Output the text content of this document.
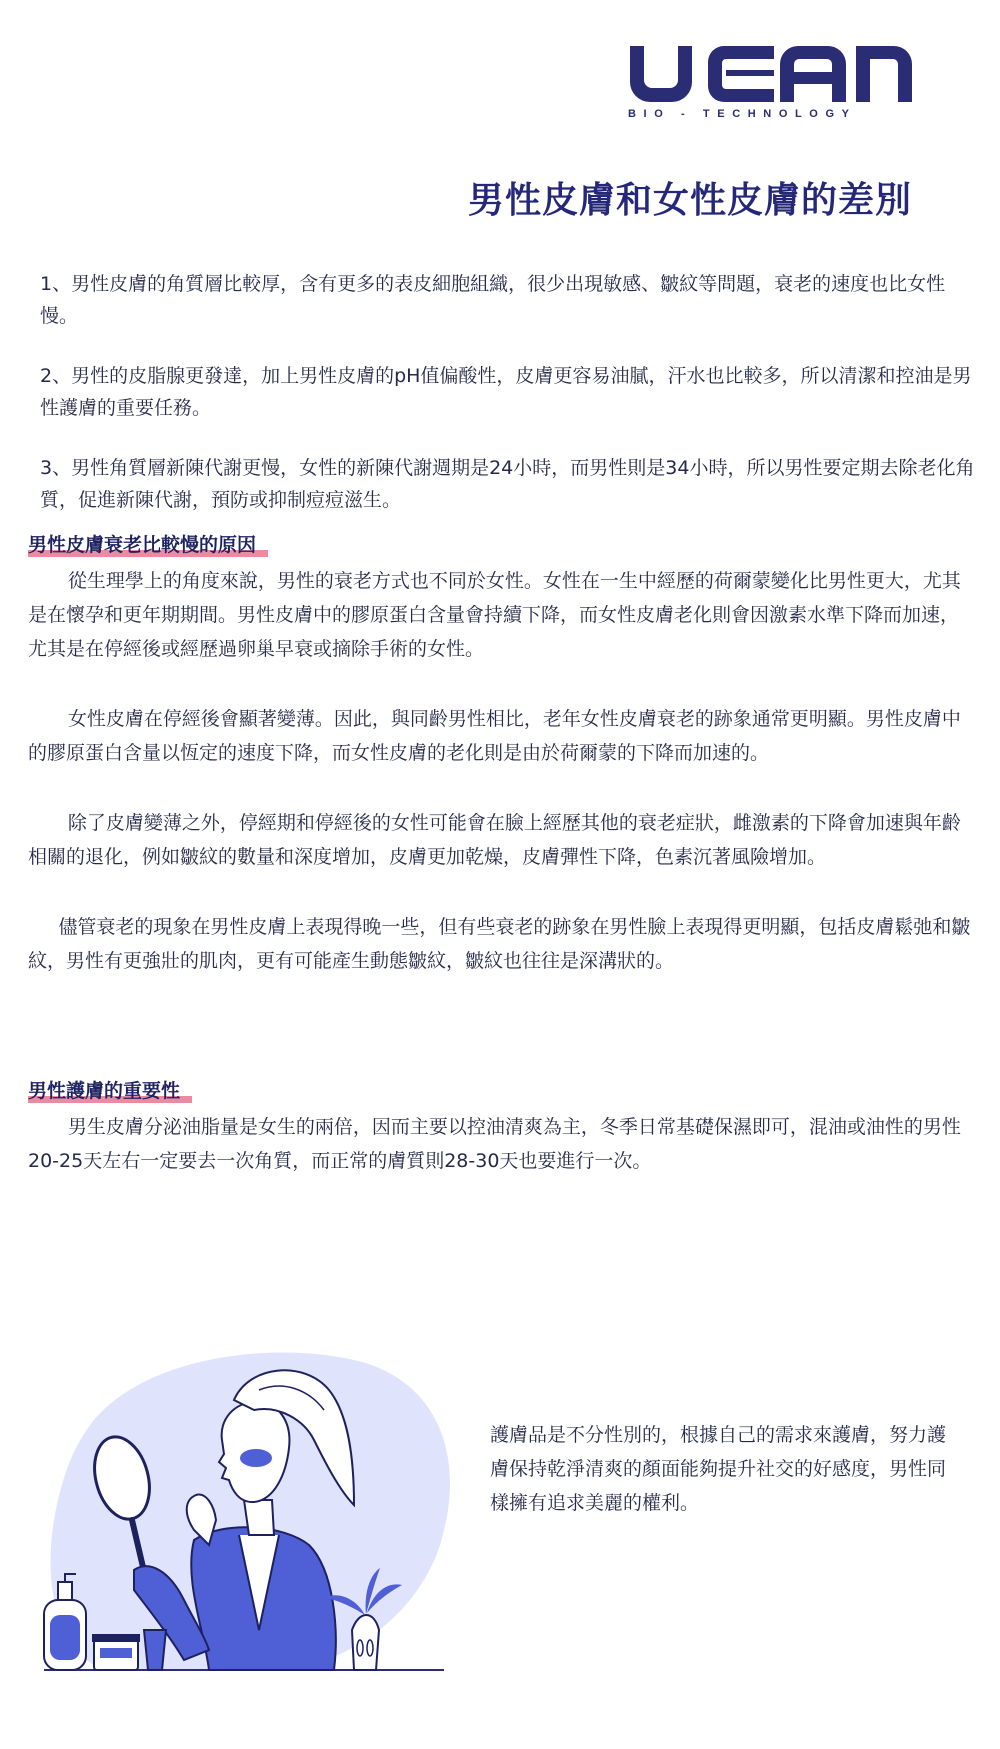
BIO - TECHNOLOGY
男性皮膚和女性皮膚的差別

1、男性皮膚的角質層比較厚，含有更多的表皮細胞組織，很少出現敏感、皺紋等問題，衰老的速度也比女性慢。

2、男性的皮脂腺更發達，加上男性皮膚的pH值偏酸性，皮膚更容易油膩，汗水也比較多，所以清潔和控油是男性護膚的重要任務。

3、男性角質層新陳代謝更慢，女性的新陳代謝週期是24小時，而男性則是34小時，所以男性要定期去除老化角質，促進新陳代謝，預防或抑制痘痘滋生。

男性皮膚衰老比較慢的原因

從生理學上的角度來說，男性的衰老方式也不同於女性。女性在一生中經歷的荷爾蒙變化比男性更大，尤其是在懷孕和更年期期間。男性皮膚中的膠原蛋白含量會持續下降，而女性皮膚老化則會因激素水準下降而加速，尤其是在停經後或經歷過卵巢早衰或摘除手術的女性。

女性皮膚在停經後會顯著變薄。因此，與同齡男性相比，老年女性皮膚衰老的跡象通常更明顯。男性皮膚中的膠原蛋白含量以恆定的速度下降，而女性皮膚的老化則是由於荷爾蒙的下降而加速的。

除了皮膚變薄之外，停經期和停經後的女性可能會在臉上經歷其他的衰老症狀，雌激素的下降會加速與年齡相關的退化，例如皺紋的數量和深度增加，皮膚更加乾燥，皮膚彈性下降，色素沉著風險增加。

儘管衰老的現象在男性皮膚上表現得晚一些，但有些衰老的跡象在男性臉上表現得更明顯，包括皮膚鬆弛和皺紋，男性有更強壯的肌肉，更有可能產生動態皺紋，皺紋也往往是深溝狀的。

男性護膚的重要性

男生皮膚分泌油脂量是女生的兩倍，因而主要以控油清爽為主，冬季日常基礎保濕即可，混油或油性的男性20-25天左右一定要去一次角質，而正常的膚質則28-30天也要進行一次。

護膚品是不分性別的，根據自己的需求來護膚，努力護膚保持乾淨清爽的顏面能夠提升社交的好感度，男性同樣擁有追求美麗的權利。
